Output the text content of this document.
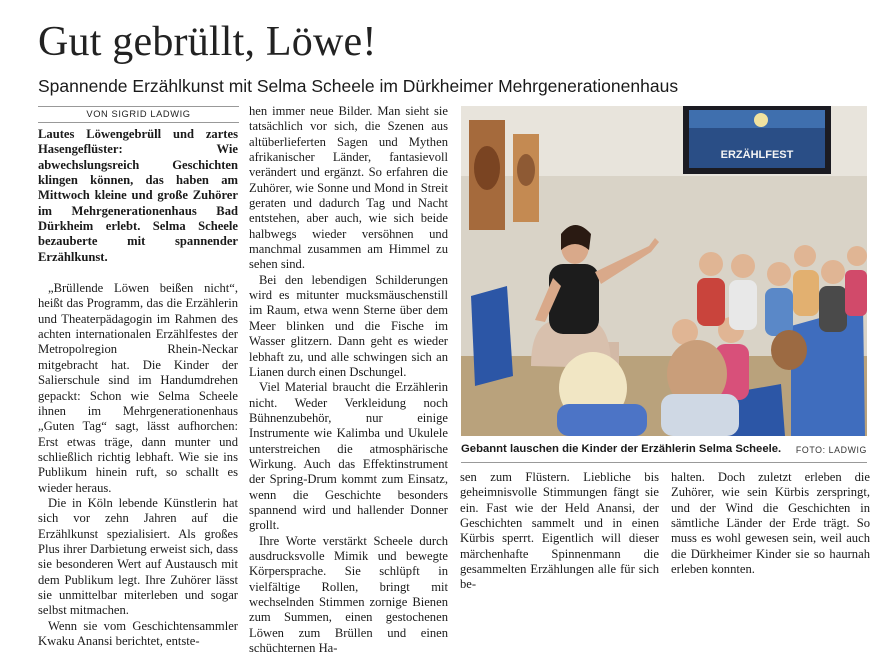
Gut gebrüllt, Löwe!
Spannende Erzählkunst mit Selma Scheele im Dürkheimer Mehrgenerationenhaus
VON SIGRID LADWIG

Lautes Löwengebrüll und zartes Hasengeflüster: Wie abwechslungsreich Geschichten klingen können, das haben am Mittwoch kleine und große Zuhörer im Mehrgenerationenhaus Bad Dürkheim erlebt. Selma Scheele bezauberte mit spannender Erzählkunst.

„Brüllende Löwen beißen nicht“, heißt das Programm, das die Erzählerin und Theaterpädagogin im Rahmen des achten internationalen Erzählfestes der Metropolregion Rhein-Neckar mitgebracht hat. Die Kinder der Salierschule sind im Handumdrehen gepackt: Schon wie Selma Scheele ihnen im Mehrgenerationenhaus „Guten Tag“ sagt, lässt aufhorchen: Erst etwas träge, dann munter und schließlich richtig lebhaft. Wie sie ins Publikum hinein ruft, so schallt es wieder heraus.

Die in Köln lebende Künstlerin hat sich vor zehn Jahren auf die Erzählkunst spezialisiert. Als großes Plus ihrer Darbietung erweist sich, dass sie besonderen Wert auf Austausch mit dem Publikum legt. Ihre Zuhörer lässt sie unmittelbar miterleben und sogar selbst mitmachen.

Wenn sie vom Geschichtensammler Kwaku Anansi berichtet, entste-

hen immer neue Bilder. Man sieht sie tatsächlich vor sich, die Szenen aus altüberlieferten Sagen und Mythen afrikanischer Länder, fantasievoll verändert und ergänzt. So erfahren die Zuhörer, wie Sonne und Mond in Streit geraten und dadurch Tag und Nacht entstehen, aber auch, wie sich beide halbwegs wieder versöhnen und manchmal zusammen am Himmel zu sehen sind.

Bei den lebendigen Schilderungen wird es mitunter mucksmäuschenstill im Raum, etwa wenn Sterne über dem Meer blinken und die Fische im Wasser glitzern. Dann geht es wieder lebhaft zu, und alle schwingen sich an Lianen durch einen Dschungel.

Viel Material braucht die Erzählerin nicht. Weder Verkleidung noch Bühnenzubehör, nur einige Instrumente wie Kalimba und Ukulele unterstreichen die atmosphärische Wirkung. Auch das Effektinstrument der Spring-Drum kommt zum Einsatz, wenn die Geschichte besonders spannend wird und hallender Donner grollt.

Ihre Worte verstärkt Scheele durch ausdrucksvolle Mimik und bewegte Körpersprache. Sie schlüpft in vielfältige Rollen, bringt mit wechselnden Stimmen zornige Bienen zum Summen, einen gestochenen Löwen zum Brüllen und einen schüchternen Ha-

ERZÄHLFEST
Gebannt lauschen die Kinder der Erzählerin Selma Scheele.	FOTO: LADWIG

sen zum Flüstern. Liebliche bis geheimnisvolle Stimmungen fängt sie ein. Fast wie der Held Anansi, der Geschichten sammelt und in einen Kürbis sperrt. Eigentlich will dieser märchenhafte Spinnenmann die gesammelten Erzählungen alle für sich be-

halten. Doch zuletzt erleben die Zuhörer, wie sein Kürbis zerspringt, und der Wind die Geschichten in sämtliche Länder der Erde trägt. So muss es wohl gewesen sein, weil auch die Dürkheimer Kinder sie so haurnah erleben konnten.
